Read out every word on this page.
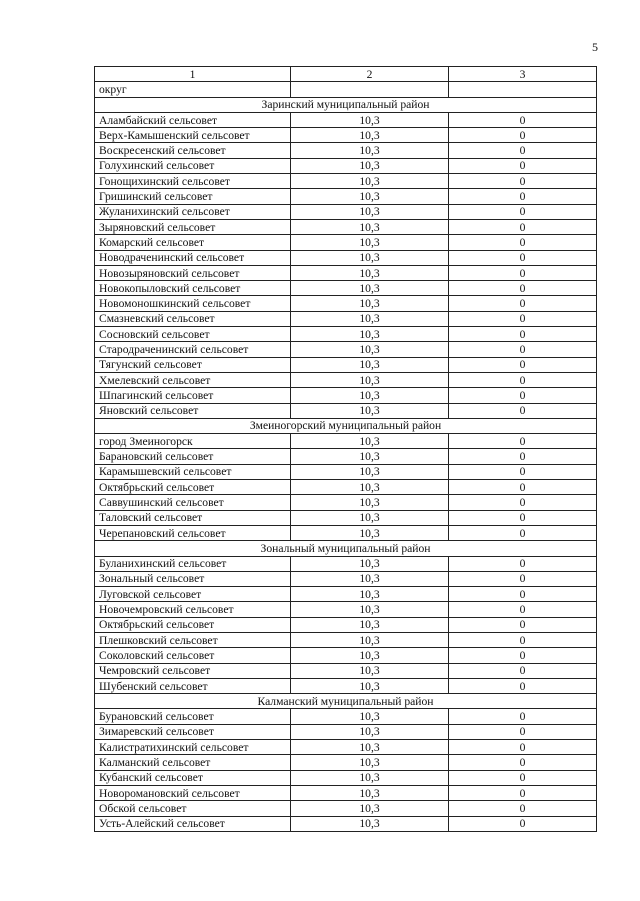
5
1	2	3
округ		
Заринский муниципальный район		
Аламбайский сельсовет	10,3	0
Верх-Камышенский сельсовет	10,3	0
Воскресенский сельсовет	10,3	0
Голухинский сельсовет	10,3	0
Гонощихинский сельсовет	10,3	0
Гришинский сельсовет	10,3	0
Жуланихинский сельсовет	10,3	0
Зыряновский сельсовет	10,3	0
Комарский сельсовет	10,3	0
Новодраченинский сельсовет	10,3	0
Новозыряновский сельсовет	10,3	0
Новокопыловский сельсовет	10,3	0
Новомоношкинский сельсовет	10,3	0
Смазневский сельсовет	10,3	0
Сосновский сельсовет	10,3	0
Стародраченинский сельсовет	10,3	0
Тягунский сельсовет	10,3	0
Хмелевский сельсовет	10,3	0
Шпагинский сельсовет	10,3	0
Яновский сельсовет	10,3	0
Змеиногорский муниципальный район		
город Змеиногорск	10,3	0
Барановский сельсовет	10,3	0
Карамышевский сельсовет	10,3	0
Октябрьский сельсовет	10,3	0
Саввушинский сельсовет	10,3	0
Таловский сельсовет	10,3	0
Черепановский сельсовет	10,3	0
Зональный муниципальный район		
Буланихинский сельсовет	10,3	0
Зональный сельсовет	10,3	0
Луговской сельсовет	10,3	0
Новочемровский сельсовет	10,3	0
Октябрьский сельсовет	10,3	0
Плешковский сельсовет	10,3	0
Соколовский сельсовет	10,3	0
Чемровский сельсовет	10,3	0
Шубенский сельсовет	10,3	0
Калманский муниципальный район		
Бурановский сельсовет	10,3	0
Зимаревский сельсовет	10,3	0
Калистратихинский сельсовет	10,3	0
Калманский сельсовет	10,3	0
Кубанский сельсовет	10,3	0
Новоромановский сельсовет	10,3	0
Обской сельсовет	10,3	0
Усть-Алейский сельсовет	10,3	0
